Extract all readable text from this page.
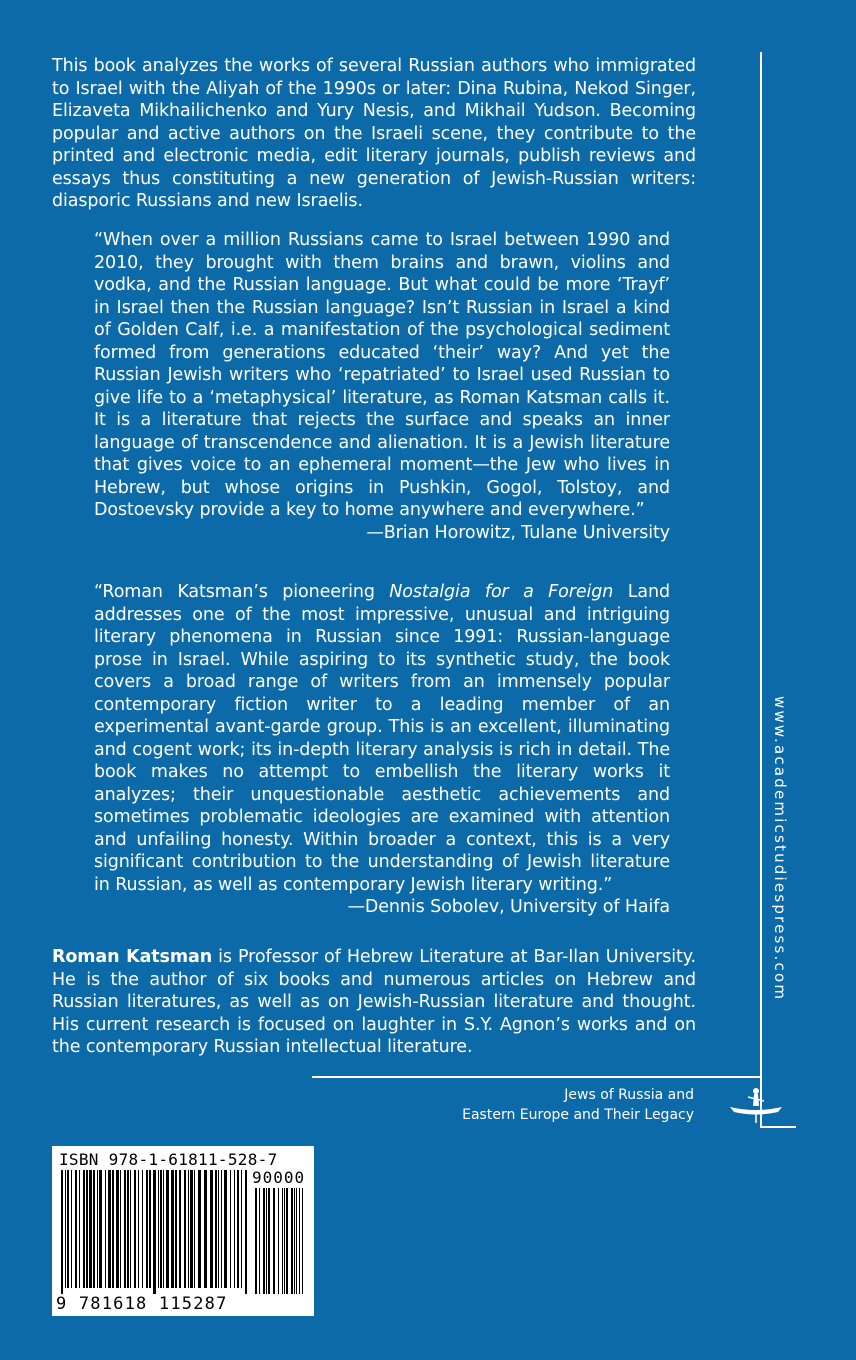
This book analyzes the works of several Russian authors who immigrated to Israel with the Aliyah of the 1990s or later: Dina Rubina, Nekod Singer, Elizaveta Mikhailichenko and Yury Nesis, and Mikhail Yudson. Becoming popular and active authors on the Israeli scene, they contribute to the printed and electronic media, edit literary journals, publish reviews and essays thus constituting a new generation of Jewish-Russian writers: diasporic Russians and new Israelis.
“When over a million Russians came to Israel between 1990 and 2010, they brought with them brains and brawn, violins and vodka, and the Russian language. But what could be more ‘Trayf’ in Israel then the Russian language? Isn’t Russian in Israel a kind of Golden Calf, i.e. a manifestation of the psychological sediment formed from generations educated ‘their’ way? And yet the Russian Jewish writers who ‘repatriated’ to Israel used Russian to give life to a ‘metaphysical’ literature, as Roman Katsman calls it. It is a literature that rejects the surface and speaks an inner language of transcendence and alienation. It is a Jewish literature that gives voice to an ephemeral moment—the Jew who lives in Hebrew, but whose origins in Pushkin, Gogol, Tolstoy, and Dostoevsky provide a key to home anywhere and everywhere.”
—Brian Horowitz, Tulane University
“Roman Katsman’s pioneering Nostalgia for a Foreign Land addresses one of the most impressive, unusual and intriguing literary phenomena in Russian since 1991: Russian-language prose in Israel. While aspiring to its synthetic study, the book covers a broad range of writers from an immensely popular contemporary fiction writer to a leading member of an experimental avant-garde group. This is an excellent, illuminating and cogent work; its in-depth literary analysis is rich in detail. The book makes no attempt to embellish the literary works it analyzes; their unquestionable aesthetic achievements and sometimes problematic ideologies are examined with attention and unfailing honesty. Within broader a context, this is a very significant contribution to the understanding of Jewish literature in Russian, as well as contemporary Jewish literary writing.”
—Dennis Sobolev, University of Haifa
Roman Katsman is Professor of Hebrew Literature at Bar-Ilan University. He is the author of six books and numerous articles on Hebrew and Russian literatures, as well as on Jewish-Russian literature and thought. His current research is focused on laughter in S.Y. Agnon’s works and on the contemporary Russian intellectual literature.
www.academicstudiespress.com
Jews of Russia and
Eastern Europe and Their Legacy
ISBN 978-1-61811-528-7
9 781618 115287
90000
